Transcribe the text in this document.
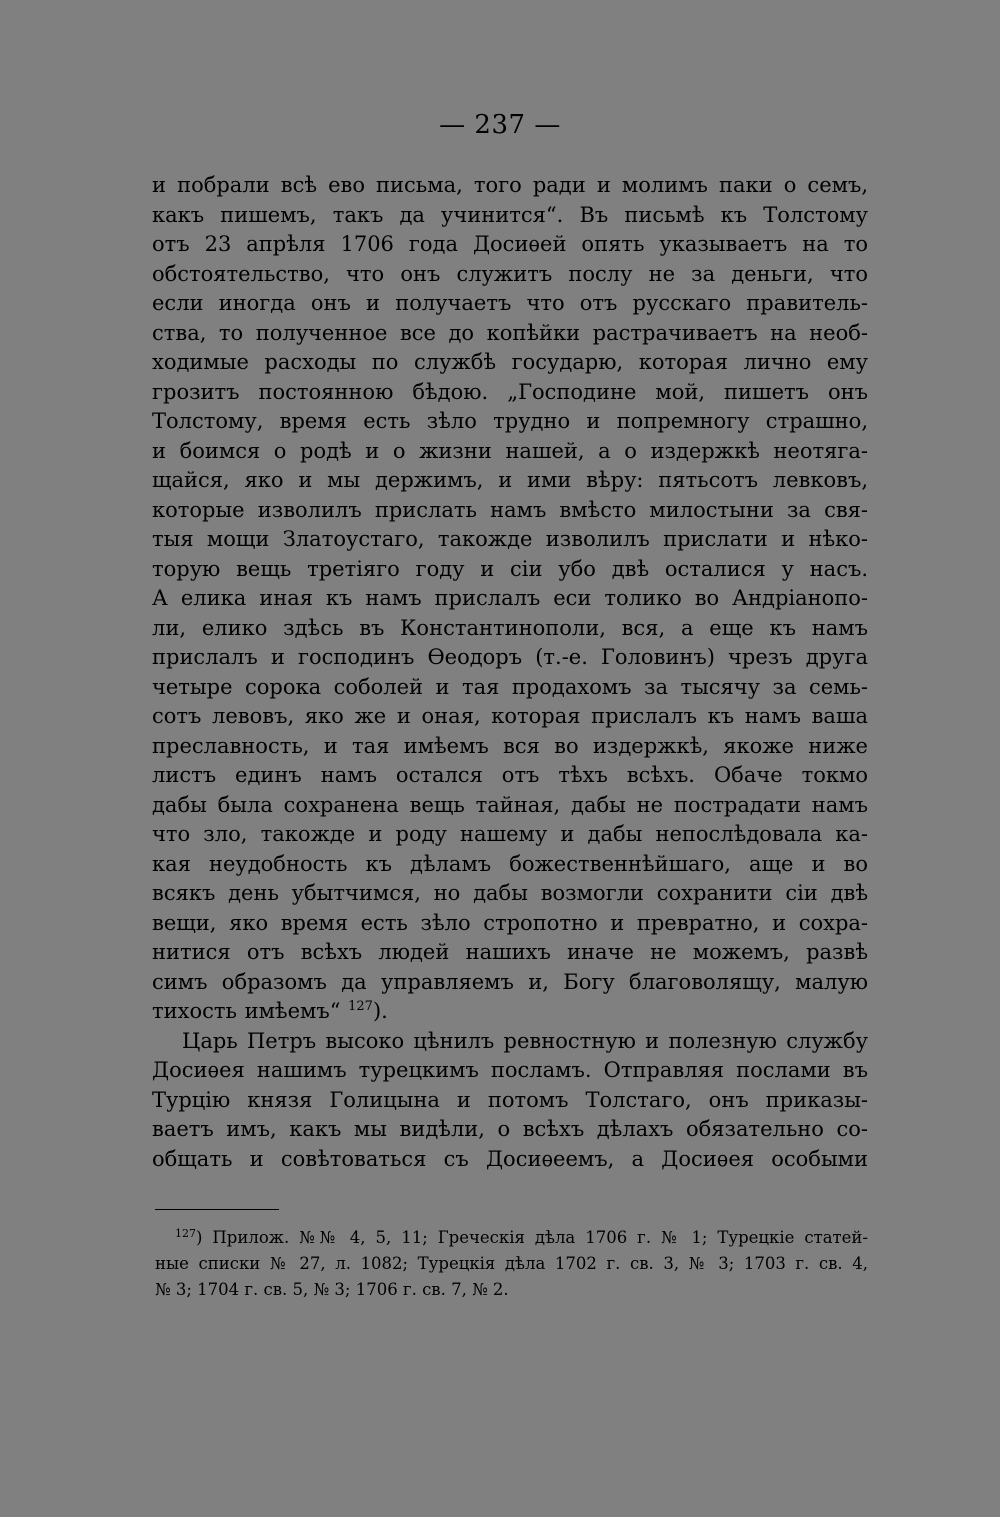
— 237 —
и побрали всѣ ево письма, того ради и молимъ паки о семъ,
какъ пишемъ, такъ да учинится“. Въ письмѣ къ Толстому
отъ 23 апрѣля 1706 года Досиѳей опять указываетъ на то
обстоятельство, что онъ служитъ послу не за деньги, что
если иногда онъ и получаетъ что отъ русскаго правитель-
ства, то полученное все до копѣйки растрачиваетъ на необ-
ходимые расходы по службѣ государю, которая лично ему
грозитъ постоянною бѣдою. „Господине мой, пишетъ онъ
Толстому, время есть зѣло трудно и попремногу страшно,
и боимся о родѣ и о жизни нашей, а о издержкѣ неотяга-
щайся, яко и мы держимъ, и ими вѣру: пятьсотъ левковъ,
которые изволилъ прислать намъ вмѣсто милостыни за свя-
тыя мощи Златоустаго, такожде изволилъ прислати и нѣко-
торую вещь третiяго году и сiи убо двѣ осталися у насъ.
А елика иная къ намъ прислалъ еси толико во Андрiанопо-
ли, елико здѣсь въ Константинополи, вся, а еще къ намъ
прислалъ и господинъ Ѳеодоръ (т.-е. Головинъ) чрезъ друга
четыре сорока соболей и тая продахомъ за тысячу за семь-
сотъ левовъ, яко же и оная, которая прислалъ къ намъ ваша
преславность, и тая имѣемъ вся во издержкѣ, якоже ниже
листъ единъ намъ остался отъ тѣхъ всѣхъ. Обаче токмо
дабы была сохранена вещь тайная, дабы не пострадати намъ
что зло, такожде и роду нашему и дабы непослѣдовала ка-
кая неудобность къ дѣламъ божественнѣйшаго, аще и во
всякъ день убытчимся, но дабы возмогли сохранити сiи двѣ
вещи, яко время есть зѣло стропотно и превратно, и сохра-
нитися отъ всѣхъ людей нашихъ иначе не можемъ, развѣ
симъ образомъ да управляемъ и, Богу благоволящу, малую
тихость имѣемъ“ $^{127}$).
Царь Петръ высоко цѣнилъ ревностную и полезную службу
Досиѳея нашимъ турецкимъ посламъ. Отправляя послами въ
Турцiю князя Голицына и потомъ Толстаго, онъ приказы-
ваетъ имъ, какъ мы видѣли, о всѣхъ дѣлахъ обязательно со-
общать и совѣтоваться съ Досиѳеемъ, а Досиѳея особыми
$^{127}$) Прилож. №№ 4, 5, 11; Греческiя дѣла 1706 г. № 1; Турецкiе статей-
ные списки № 27, л. 1082; Турецкiя дѣла 1702 г. св. 3, № 3; 1703 г. св. 4,
№ 3; 1704 г. св. 5, № 3; 1706 г. св. 7, № 2.
